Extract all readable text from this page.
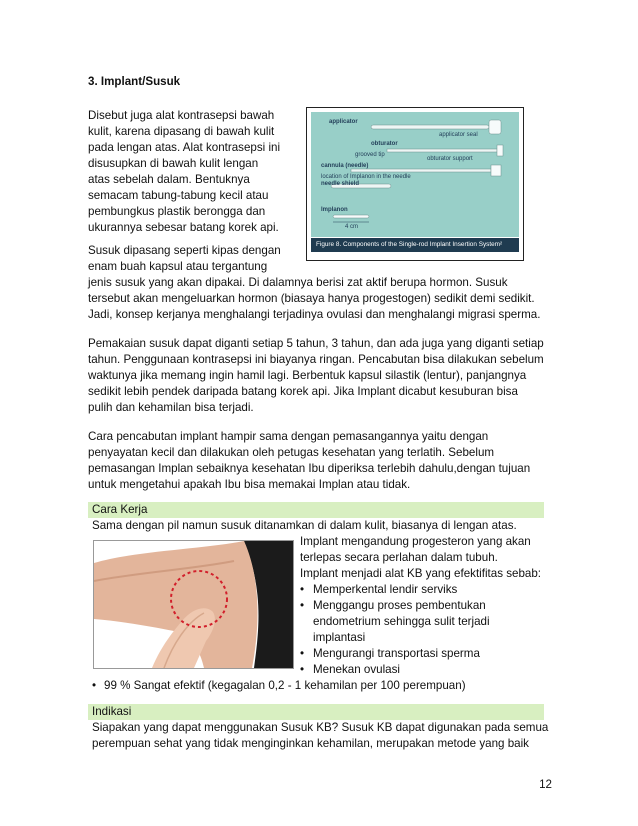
3. Implant/Susuk
Disebut juga alat kontrasepsi bawah
kulit, karena dipasang di bawah kulit
pada lengan atas. Alat kontrasepsi ini
disusupkan di bawah kulit lengan
atas sebelah dalam. Bentuknya
semacam tabung-tabung kecil atau
pembungkus plastik berongga dan
ukurannya sebesar batang korek api.
applicator
applicator seal
obturator
grooved tip
obturator support
cannula (needle)
location of Implanon in the needle
needle shield
Implanon
4 cm
Figure 8. Components of the Single-rod Implant Insertion System²
Susuk dipasang seperti kipas dengan
enam buah kapsul atau tergantung
jenis susuk yang akan dipakai. Di dalamnya berisi zat aktif berupa hormon. Susuk
tersebut akan mengeluarkan hormon (biasaya hanya progestogen) sedikit demi sedikit.
Jadi, konsep kerjanya menghalangi terjadinya ovulasi dan menghalangi migrasi sperma.
Pemakaian susuk dapat diganti setiap 5 tahun, 3 tahun, dan ada juga yang diganti setiap
tahun. Penggunaan kontrasepsi ini biayanya ringan. Pencabutan bisa dilakukan sebelum
waktunya jika memang ingin hamil lagi. Berbentuk kapsul silastik (lentur), panjangnya
sedikit lebih pendek daripada batang korek api. Jika Implant dicabut kesuburan bisa
pulih dan kehamilan bisa terjadi.
Cara pencabutan implant hampir sama dengan pemasangannya yaitu dengan
penyayatan kecil dan dilakukan oleh petugas kesehatan yang terlatih. Sebelum
pemasangan Implan sebaiknya kesehatan Ibu diperiksa terlebih dahulu,dengan tujuan
untuk mengetahui apakah Ibu bisa memakai Implan atau tidak.
Cara Kerja
Sama dengan pil namun susuk ditanamkan di dalam kulit, biasanya di lengan atas.
Implant mengandung progesteron yang akan
terlepas secara perlahan dalam tubuh.
Implant menjadi alat KB yang efektifitas sebab:
• Memperkental lendir serviks
• Menggangu proses pembentukan
endometrium sehingga sulit terjadi
implantasi
• Mengurangi transportasi sperma
• Menekan ovulasi
• 99 % Sangat efektif (kegagalan 0,2 - 1 kehamilan per 100 perempuan)
Indikasi
Siapakan yang dapat menggunakan Susuk KB? Susuk KB dapat digunakan pada semua
perempuan sehat yang tidak menginginkan kehamilan, merupakan metode yang baik
12
